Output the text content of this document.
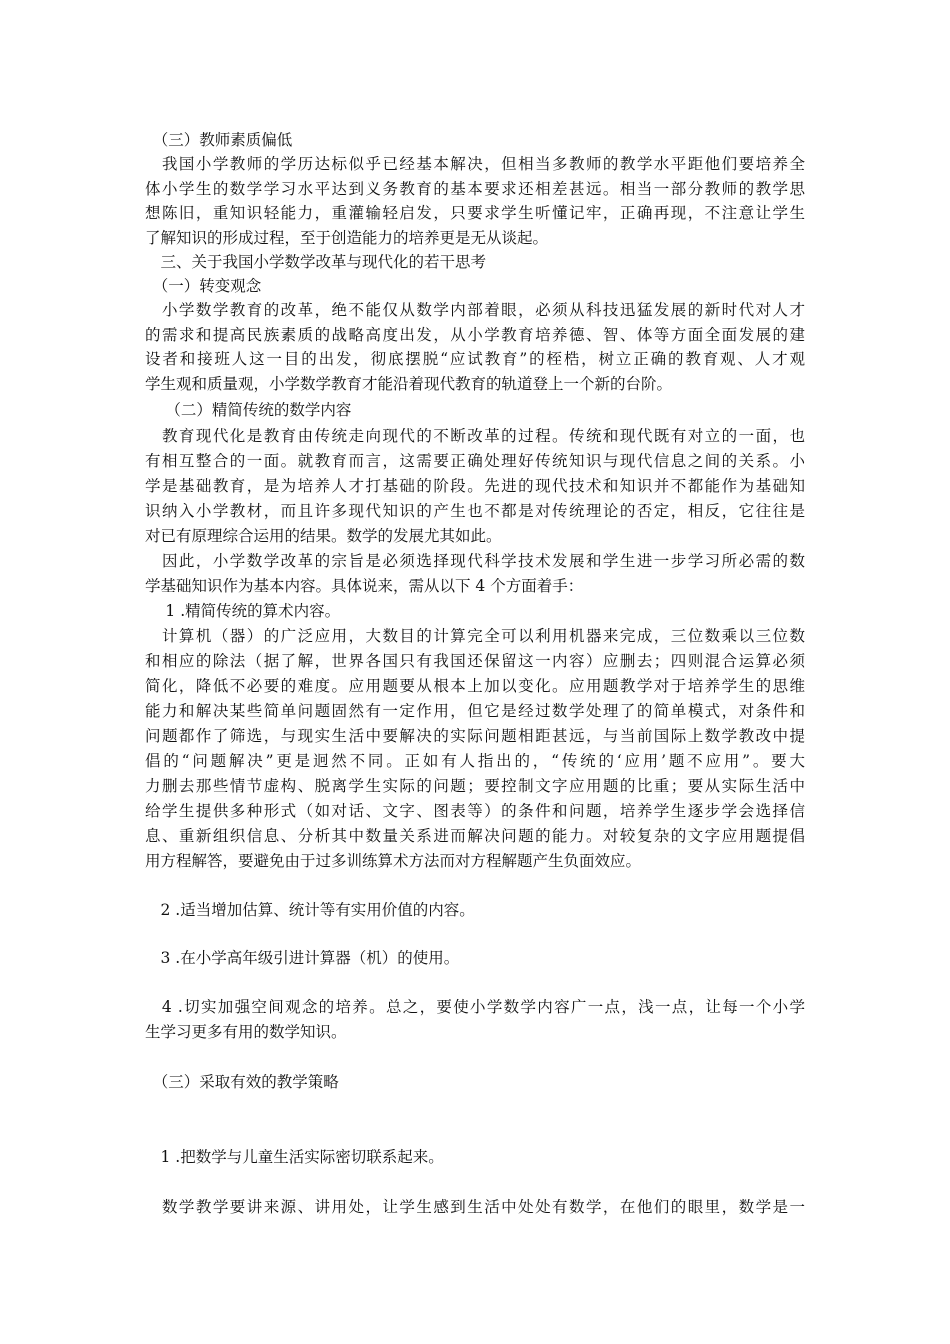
　（三）教师素质偏低
　我国小学教师的学历达标似乎已经基本解决，但相当多教师的教学水平距他们要培养全
体小学生的数学学习水平达到义务教育的基本要求还相差甚远。相当一部分教师的教学思
想陈旧，重知识轻能力，重灌输轻启发，只要求学生听懂记牢，正确再现，不注意让学生
了解知识的形成过程，至于创造能力的培养更是无从谈起。
　三、关于我国小学数学改革与现代化的若干思考
　（一）转变观念
　小学数学教育的改革，绝不能仅从数学内部着眼，必须从科技迅猛发展的新时代对人才
的需求和提高民族素质的战略高度出发，从小学教育培养德、智、体等方面全面发展的建
设者和接班人这一目的出发，彻底摆脱“应试教育”的桎梏，树立正确的教育观、人才观
学生观和质量观，小学数学教育才能沿着现代教育的轨道登上一个新的台阶。
　 （二）精简传统的数学内容
　教育现代化是教育由传统走向现代的不断改革的过程。传统和现代既有对立的一面，也
有相互整合的一面。就教育而言，这需要正确处理好传统知识与现代信息之间的关系。小
学是基础教育，是为培养人才打基础的阶段。先进的现代技术和知识并不都能作为基础知
识纳入小学教材，而且许多现代知识的产生也不都是对传统理论的否定，相反，它往往是
对已有原理综合运用的结果。数学的发展尤其如此。
　因此，小学数学改革的宗旨是必须选择现代科学技术发展和学生进一步学习所必需的数
学基础知识作为基本内容。具体说来，需从以下 4 个方面着手：
　 1 .精简传统的算术内容。
　计算机（器）的广泛应用，大数目的计算完全可以利用机器来完成，三位数乘以三位数
和相应的除法（据了解，世界各国只有我国还保留这一内容）应删去；四则混合运算必须
简化，降低不必要的难度。应用题要从根本上加以变化。应用题教学对于培养学生的思维
能力和解决某些简单问题固然有一定作用，但它是经过数学处理了的简单模式，对条件和
问题都作了筛选，与现实生活中要解决的实际问题相距甚远，与当前国际上数学教改中提
倡的“问题解决”更是迥然不同。正如有人指出的，“传统的‘应用’题不应用”。要大
力删去那些情节虚构、脱离学生实际的问题；要控制文字应用题的比重；要从实际生活中
给学生提供多种形式（如对话、文字、图表等）的条件和问题，培养学生逐步学会选择信
息、重新组织信息、分析其中数量关系进而解决问题的能力。对较复杂的文字应用题提倡
用方程解答，要避免由于过多训练算术方法而对方程解题产生负面效应。
　2 .适当增加估算、统计等有实用价值的内容。
　3 .在小学高年级引进计算器（机）的使用。
　4 .切实加强空间观念的培养。总之，要使小学数学内容广一点，浅一点，让每一个小学
生学习更多有用的数学知识。
　（三）采取有效的教学策略
　1 .把数学与儿童生活实际密切联系起来。
　数学教学要讲来源、讲用处，让学生感到生活中处处有数学，在他们的眼里，数学是一
